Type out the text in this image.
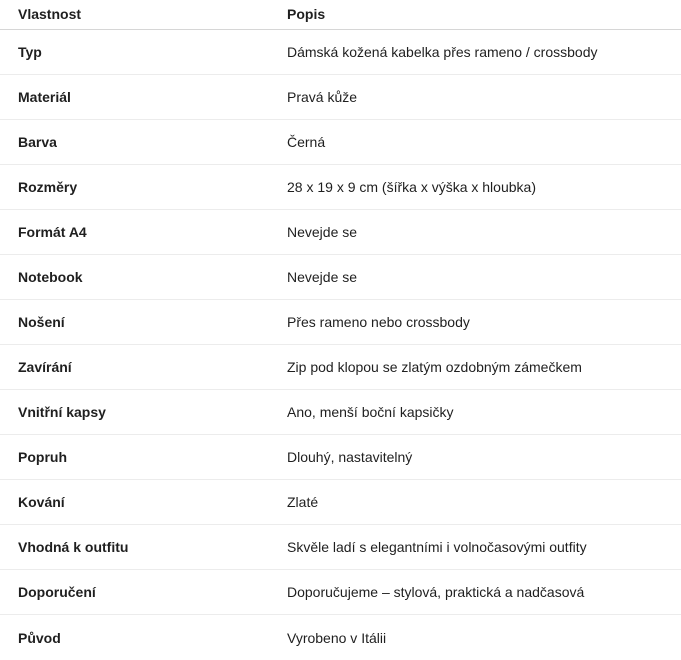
Vlastnost	Popis
Typ	Dámská kožená kabelka přes rameno / crossbody
Materiál	Pravá kůže
Barva	Černá
Rozměry	28 x 19 x 9 cm (šířka x výška x hloubka)
Formát A4	Nevejde se
Notebook	Nevejde se
Nošení	Přes rameno nebo crossbody
Zavírání	Zip pod klopou se zlatým ozdobným zámečkem
Vnitřní kapsy	Ano, menší boční kapsičky
Popruh	Dlouhý, nastavitelný
Kování	Zlaté
Vhodná k outfitu	Skvěle ladí s elegantními i volnočasovými outfity
Doporučení	Doporučujeme – stylová, praktická a nadčasová
Původ	Vyrobeno v Itálii
